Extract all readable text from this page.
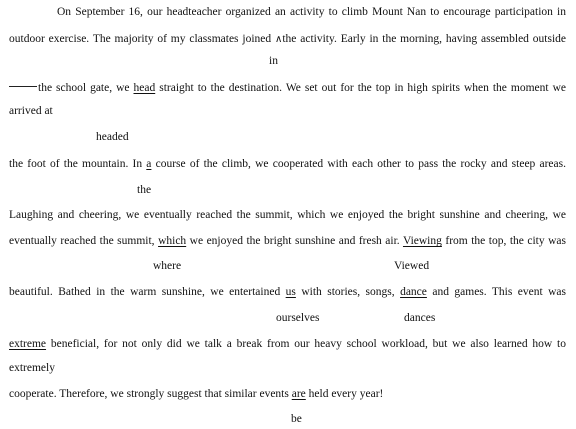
On September 16, our headteacher organized an activity to climb Mount Nan to encourage participation in
outdoor exercise. The majority of my classmates joined ∧the activity. Early in the morning, having assembled outside
in
the school gate, we head straight to the destination. We set out for the top in high spirits when the moment we
arrived at
headed
the foot of the mountain. In a course of the climb, we cooperated with each other to pass the rocky and steep areas.
the
Laughing and cheering, we eventually reached the summit, which we enjoyed the bright sunshine and cheering, we
eventually reached the summit, which we enjoyed the bright sunshine and fresh air. Viewing from the top, the city was
where	Viewed
beautiful. Bathed in the warm sunshine, we entertained us with stories, songs, dance and games. This event was
ourselves	dances
extreme beneficial, for not only did we talk a break from our heavy school workload, but we also learned how to
extremely
cooperate. Therefore, we strongly suggest that similar events are held every year!
be
